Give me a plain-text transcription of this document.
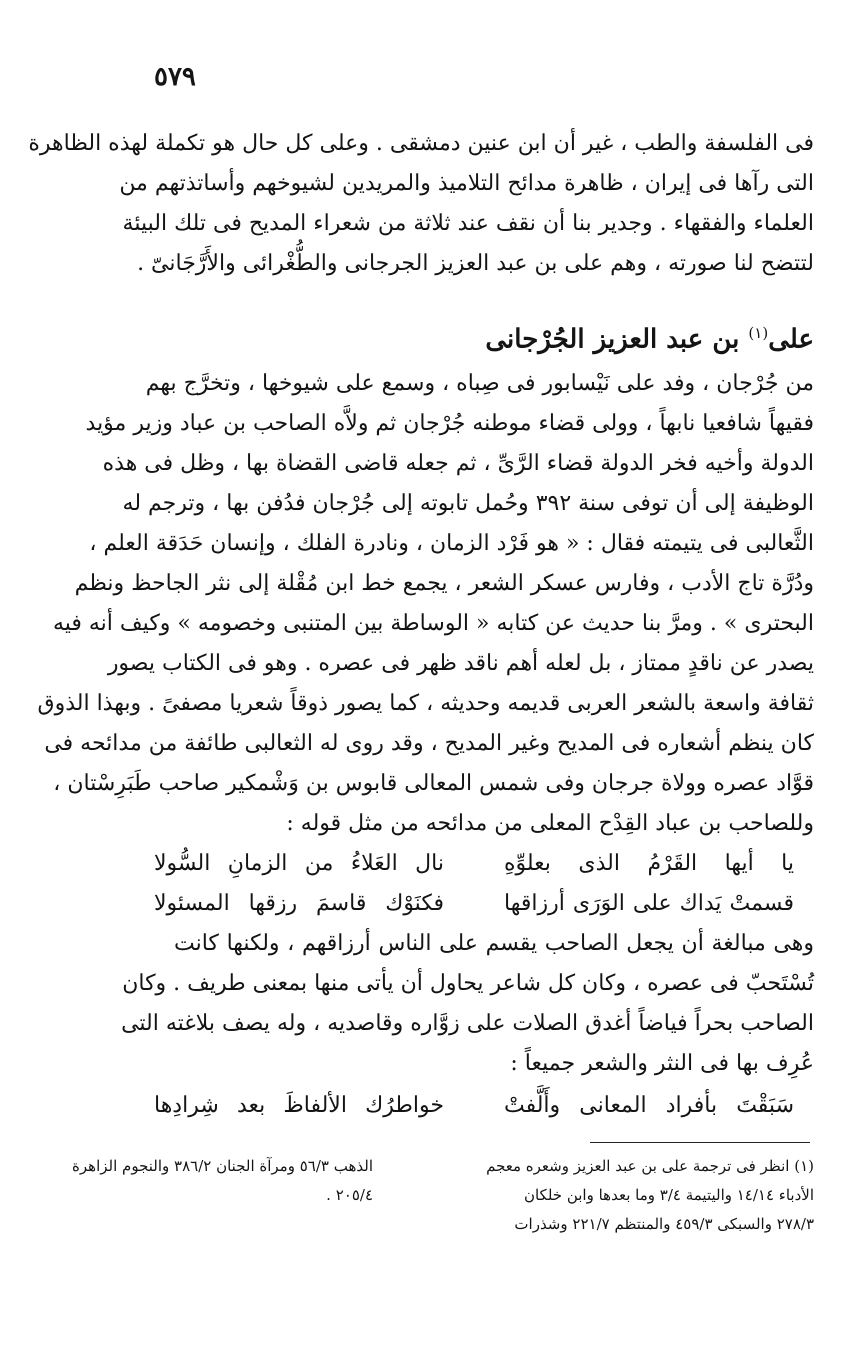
٥٧٩
فى الفلسفة والطب ، غير أن ابن عنين دمشقى . وعلى كل حال هو تكملة لهذه الظاهرة
التى رآها فى إيران ، ظاهرة مدائح التلاميذ والمريدين لشيوخهم وأساتذتهم من
العلماء والفقهاء . وجدير بنا أن نقف عند ثلاثة من شعراء المديح فى تلك البيئة
لتتضح لنا صورته ، وهم على بن عبد العزيز الجرجانى والطُّغْرائى والأَرَّجَانىّ .
على$^{(١)}$ بن عبد العزيز الجُرْجانى
من جُرْجان ، وفد على نَيْسابور فى صِباه ، وسمع على شيوخها ، وتخرَّج بهم
فقيهاً شافعيا نابهاً ، وولى قضاء موطنه جُرْجان ثم ولاَّه الصاحب بن عباد وزير مؤيد
الدولة وأخيه فخر الدولة قضاء الرَّىِّ ، ثم جعله قاضى القضاة بها ، وظل فى هذه
الوظيفة إلى أن توفى سنة ٣٩٢ وحُمل تابوته إلى جُرْجان فدُفن بها ، وترجم له
الثَّعالبى فى يتيمته فقال : « هو فَرْد الزمان ، ونادرة الفلك ، وإنسان حَدَقة العلم ،
ودُرَّة تاج الأدب ، وفارس عسكر الشعر ، يجمع خط ابن مُقْلة إلى نثر الجاحظ ونظم
البحترى » . ومرَّ بنا حديث عن كتابه « الوساطة بين المتنبى وخصومه » وكيف أنه فيه
يصدر عن ناقدٍ ممتاز ، بل لعله أهم ناقد ظهر فى عصره . وهو فى الكتاب يصور
ثقافة واسعة بالشعر العربى قديمه وحديثه ، كما يصور ذوقاً شعريا مصفىً . وبهذا الذوق
كان ينظم أشعاره فى المديح وغير المديح ، وقد روى له الثعالبى طائفة من مدائحه فى
قوَّاد عصره وولاة جرجان وفى شمس المعالى قابوس بن وَشْمكير صاحب طَبَرِسْتان ،
وللصاحب بن عباد القِدْح المعلى من مدائحه من مثل قوله :
يا أيها القَرْمُ الذى بعلوِّهِ
نال العَلاءُ من الزمانِ السُّولا
قسمتْ يَداك على الوَرَى أرزاقها
فكنَوْك قاسمَ رزقها المسئولا
وهى مبالغة أن يجعل الصاحب يقسم على الناس أرزاقهم ، ولكنها كانت
تُسْتَحبّ فى عصره ، وكان كل شاعر يحاول أن يأتى منها بمعنى طريف . وكان
الصاحب بحراً فياضاً أغدق الصلات على زوَّاره وقاصديه ، وله يصف بلاغته التى
عُرِف بها فى النثر والشعر جميعاً :
سَبَقْتَ بأفراد المعانى وأَلَّفتْ
خواطرُك الألفاظَ بعد شِرادِها
(١) انظر فى ترجمة على بن عبد العزيز وشعره معجم
الأدباء ١٤/١٤ واليتيمة ٣/٤ وما بعدها وابن خلكان
٢٧٨/٣ والسبكى ٤٥٩/٣ والمنتظم ٢٢١/٧ وشذرات
الذهب ٥٦/٣ ومرآة الجنان ٣٨٦/٢ والنجوم الزاهرة
٢٠٥/٤ .
